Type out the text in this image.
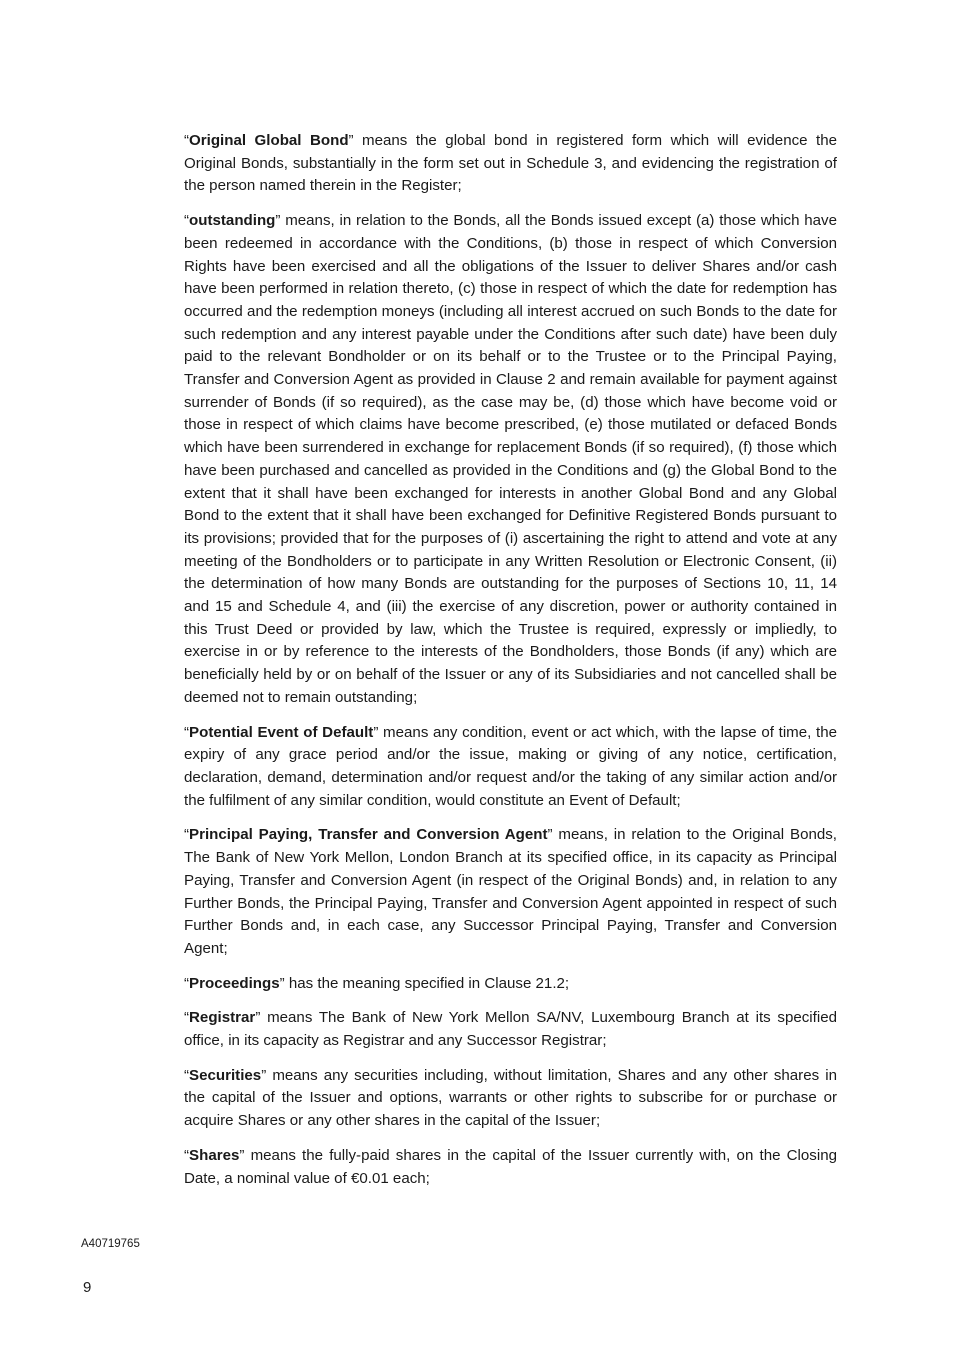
“Original Global Bond” means the global bond in registered form which will evidence the Original Bonds, substantially in the form set out in Schedule 3, and evidencing the registration of the person named therein in the Register;

“outstanding” means, in relation to the Bonds, all the Bonds issued except (a) those which have been redeemed in accordance with the Conditions, (b) those in respect of which Conversion Rights have been exercised and all the obligations of the Issuer to deliver Shares and/or cash have been performed in relation thereto, (c) those in respect of which the date for redemption has occurred and the redemption moneys (including all interest accrued on such Bonds to the date for such redemption and any interest payable under the Conditions after such date) have been duly paid to the relevant Bondholder or on its behalf or to the Trustee or to the Principal Paying, Transfer and Conversion Agent as provided in Clause 2 and remain available for payment against surrender of Bonds (if so required), as the case may be, (d) those which have become void or those in respect of which claims have become prescribed, (e) those mutilated or defaced Bonds which have been surrendered in exchange for replacement Bonds (if so required), (f) those which have been purchased and cancelled as provided in the Conditions and (g) the Global Bond to the extent that it shall have been exchanged for interests in another Global Bond and any Global Bond to the extent that it shall have been exchanged for Definitive Registered Bonds pursuant to its provisions; provided that for the purposes of (i) ascertaining the right to attend and vote at any meeting of the Bondholders or to participate in any Written Resolution or Electronic Consent, (ii) the determination of how many Bonds are outstanding for the purposes of Sections 10, 11, 14 and 15 and Schedule 4, and (iii) the exercise of any discretion, power or authority contained in this Trust Deed or provided by law, which the Trustee is required, expressly or impliedly, to exercise in or by reference to the interests of the Bondholders, those Bonds (if any) which are beneficially held by or on behalf of the Issuer or any of its Subsidiaries and not cancelled shall be deemed not to remain outstanding;

“Potential Event of Default” means any condition, event or act which, with the lapse of time, the expiry of any grace period and/or the issue, making or giving of any notice, certification, declaration, demand, determination and/or request and/or the taking of any similar action and/or the fulfilment of any similar condition, would constitute an Event of Default;

“Principal Paying, Transfer and Conversion Agent” means, in relation to the Original Bonds, The Bank of New York Mellon, London Branch at its specified office, in its capacity as Principal Paying, Transfer and Conversion Agent (in respect of the Original Bonds) and, in relation to any Further Bonds, the Principal Paying, Transfer and Conversion Agent appointed in respect of such Further Bonds and, in each case, any Successor Principal Paying, Transfer and Conversion Agent;

“Proceedings” has the meaning specified in Clause 21.2;

“Registrar” means The Bank of New York Mellon SA/NV, Luxembourg Branch at its specified office, in its capacity as Registrar and any Successor Registrar;

“Securities” means any securities including, without limitation, Shares and any other shares in the capital of the Issuer and options, warrants or other rights to subscribe for or purchase or acquire Shares or any other shares in the capital of the Issuer;

“Shares” means the fully-paid shares in the capital of the Issuer currently with, on the Closing Date, a nominal value of €0.01 each;

A40719765
9
